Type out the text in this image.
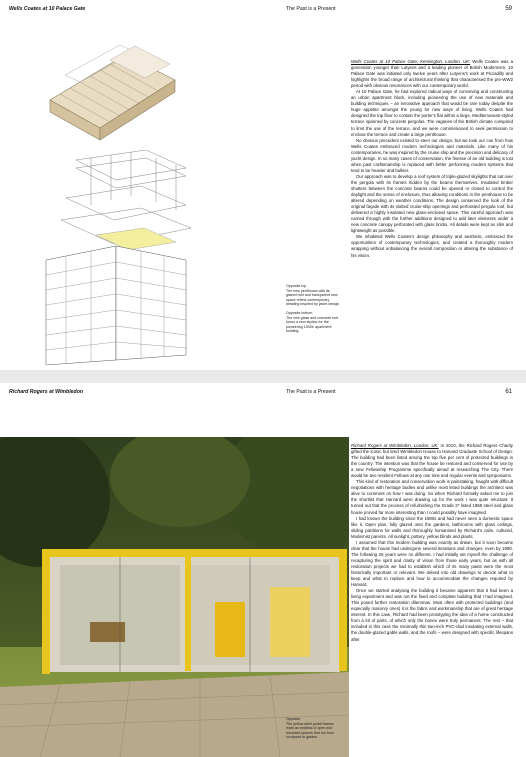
Wells Coates at 10 Palace Gate	The Past is a Present	59

Opposite top
The new penthouse with its glazed roof and transparent new space reflect contemporary detailing inspired by yacht design.

Opposite bottom
The new glass and concrete roof forms a new skyline for the pioneering 1930s' apartment building.

Wells Coates at 10 Palace Gate, Kensington, London, UK: Wells Coates was a generation younger than Lutyens and a leading pioneer of British Modernism. 10 Palace Gate was initiated only twelve years after Lutyens's work at Piccadilly and highlights the broad range of architectural thinking that characterised the pre-WW2 period with obvious resonances with our contemporary world.

At 10 Palace Gate, he had explored radical ways of conceiving and constructing an urban apartment block, including pioneering the use of new materials and building techniques – an innovative approach that would be rare today despite the huge appetite amongst the young for new ways of living. Wells Coates had designed the top floor to contain the porter's flat within a large, Mediterranean-styled terrace spanned by concrete pergolas. The vagaries of the British climate conspired to limit the use of the terrace, and we were commissioned to seek permission to enclose the terrace and create a large penthouse.

No obvious precedent existed to steer our design, but we took our cue from how Wells Coates embraced modern technologies and materials. Like many of his contemporaries, he was inspired by the cruise ship and the precision and delicacy of yacht design. In so many cases of conservation, the finesse of an old building is lost when past craftsmanship is replaced with better performing modern systems that tend to be heavier and bulkier.

Our approach was to develop a roof system of triple-glazed skylights that sat over the pergola with its frames hidden by the beams themselves. Insulated timber shutters between the concrete beams could be opened or closed to control the daylight and the sense of enclosure, thus allowing conditions in the penthouse to be altered depending on weather conditions. The design conserved the look of the original façade with its slotted cruise-ship openings and perforated pergola roof, but delivered a highly insulated new glass-enclosed space. This careful approach was carried through with the further additions designed to add later elements under a new concrete canopy perforated with glass bricks. All details were kept as slim and lightweight as possible.

We inhabited Wells Coates's design philosophy and aesthetic, embraced the opportunities of contemporary technologies, and created a thoroughly modern wrapping without unbalancing the overall composition or altering the substance of his vision.

Richard Rogers at Wimbledon	The Past is a Present	61
Opposite
The yellow steel portal frames mark an endless of open and enclosed spaces that run from courtyard to garden.

Richard Rogers at Wimbledon, London, UK: In 2010, the Richard Rogers Charity gifted the iconic but tired Wimbledon House to Harvard Graduate School of Design. The building had been listed among the top five per cent of protected buildings in the country. The intention was that the house be restored and conserved for use by a new Fellowship Programme specifically aimed at researching The City. There would be two resident Fellows at any one time and regular events and symposiums.

This kind of restoration and conservation work is painstaking, fraught with difficult negotiations with heritage bodies and unlike most listed buildings the architect was alive to comment on how I was doing. So when Richard formally asked me to join the shortlist that Harvard were drawing up for the work I was quite reluctant. It turned out that the process of refurbishing the Grade 2* listed 1968 steel and glass house proved far more interesting than I could possibly have imagined.

I had known the building since the 1980s and had never seen a domestic space like it. Open plan, fully glazed onto the gardens, bathrooms with glass ceilings, sliding partitions for walls and thoroughly humanised by Richard's calm, cultured, Modernist parents. All sunlight, pottery, yellow blinds and plants.

I assumed that this modern building was exactly as drawn, but it soon became clear that the house had undergone several iterations and changes, even by 1980. The following 25 years were no different. I had initially set myself the challenge of recapturing the spirit and clarity of vision from those early years, but as with all restoration projects we had to establish which of its many pasts were the most historically important or relevant. We delved into old drawings to decide what to keep and what to replace and how to accommodate the changes required by Harvard.

Once we started analysing the building it became apparent that it had been a living experiment and was not the fixed and complete building that I had imagined. This posed further restoration dilemmas. Most often with protected buildings (and especially masonry ones) it is the fabric and workmanship that are of great heritage interest. In this case, Richard had been prototyping the idea of a home constructed from a kit of parts, of which only the bones were truly permanent. The rest – that included in this case the minimally thin two-inch PVC-clad insulating external walls, the double-glazed gable walls, and the roofs – were designed with specific lifespans after
